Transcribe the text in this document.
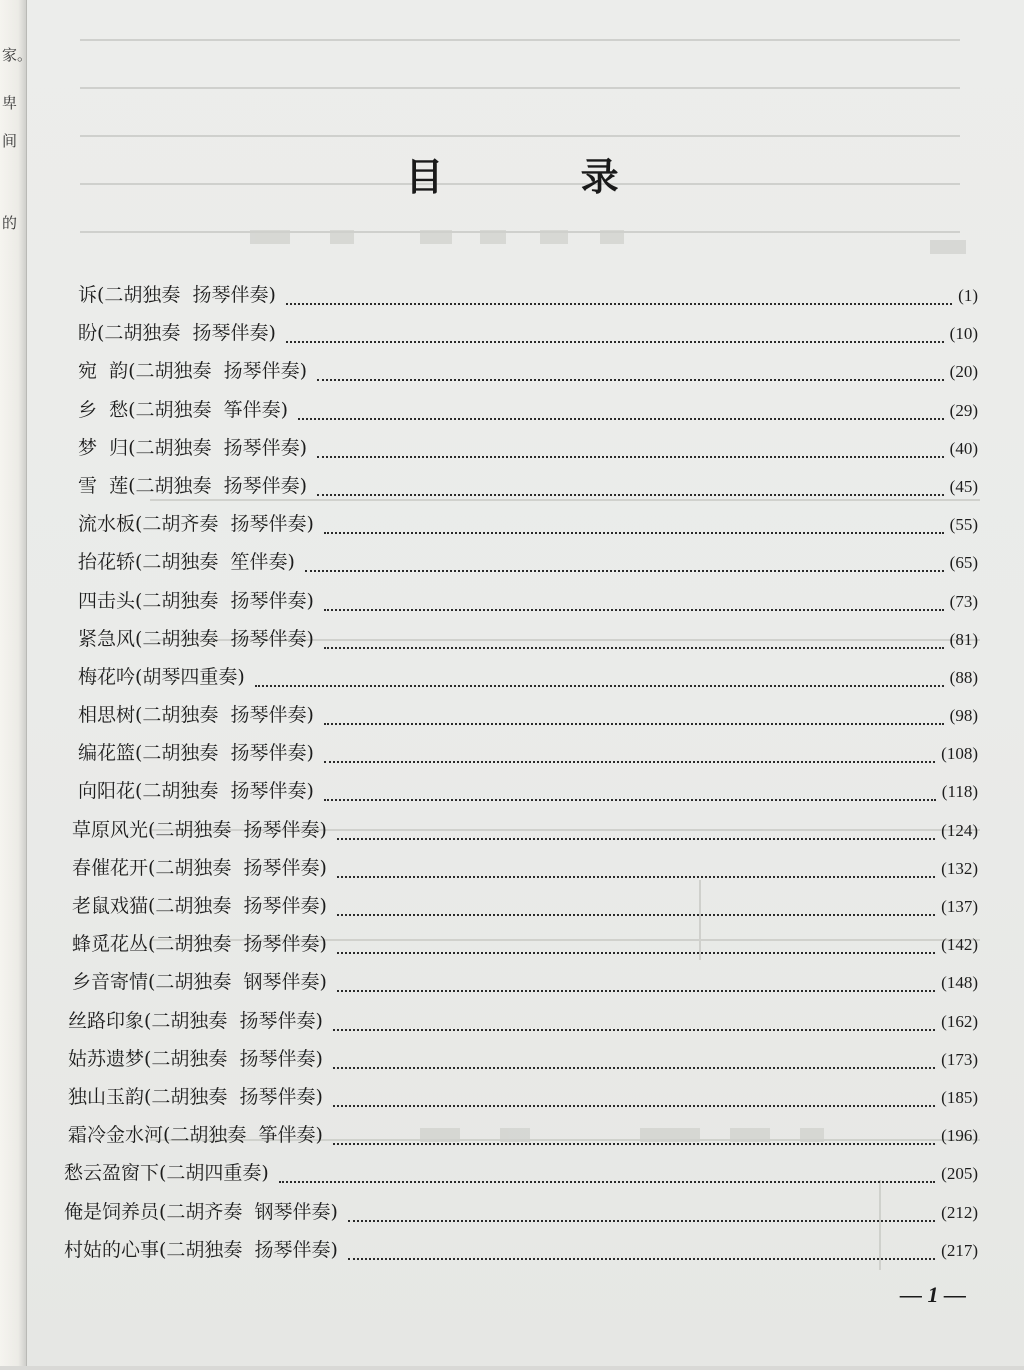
家。
卑
间
的
目 录
诉(二胡独奏  扬琴伴奏)	(1)
盼(二胡独奏  扬琴伴奏)	(10)
宛  韵(二胡独奏  扬琴伴奏)	(20)
乡  愁(二胡独奏  筝伴奏)	(29)
梦  归(二胡独奏  扬琴伴奏)	(40)
雪  莲(二胡独奏  扬琴伴奏)	(45)
流水板(二胡齐奏  扬琴伴奏)	(55)
抬花轿(二胡独奏  笙伴奏)	(65)
四击头(二胡独奏  扬琴伴奏)	(73)
紧急风(二胡独奏  扬琴伴奏)	(81)
梅花吟(胡琴四重奏)	(88)
相思树(二胡独奏  扬琴伴奏)	(98)
编花篮(二胡独奏  扬琴伴奏)	(108)
向阳花(二胡独奏  扬琴伴奏)	(118)
草原风光(二胡独奏  扬琴伴奏)	(124)
春催花开(二胡独奏  扬琴伴奏)	(132)
老鼠戏猫(二胡独奏  扬琴伴奏)	(137)
蜂觅花丛(二胡独奏  扬琴伴奏)	(142)
乡音寄情(二胡独奏  钢琴伴奏)	(148)
丝路印象(二胡独奏  扬琴伴奏)	(162)
姑苏遗梦(二胡独奏  扬琴伴奏)	(173)
独山玉韵(二胡独奏  扬琴伴奏)	(185)
霜冷金水河(二胡独奏  筝伴奏)	(196)
愁云盈窗下(二胡四重奏)	(205)
俺是饲养员(二胡齐奏  钢琴伴奏)	(212)
村姑的心事(二胡独奏  扬琴伴奏)	(217)
— 1 —
